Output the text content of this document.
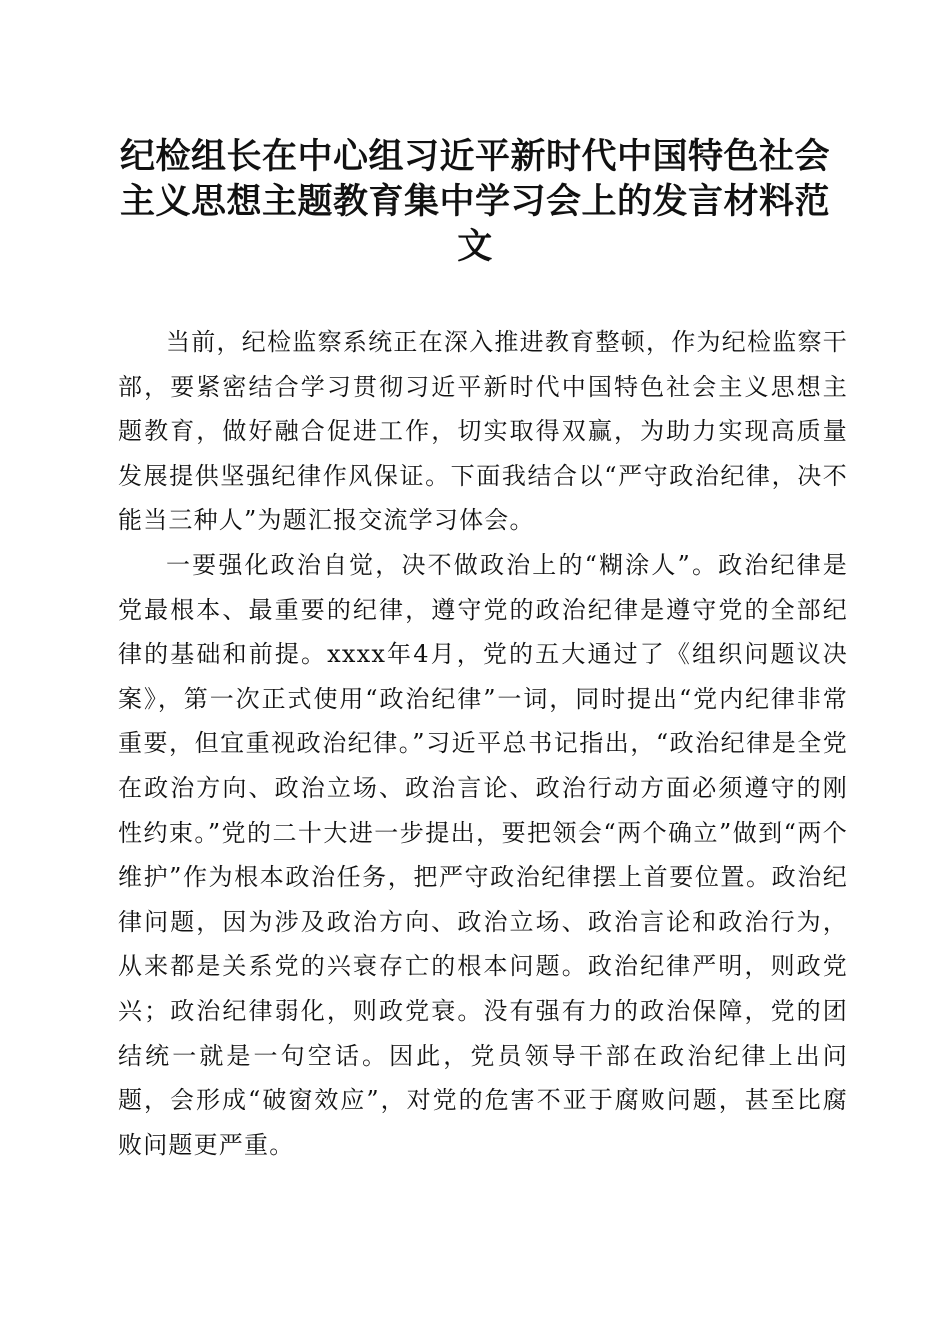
纪检组长在中心组习近平新时代中国特色社会
主义思想主题教育集中学习会上的发言材料范
文

当前，纪检监察系统正在深入推进教育整顿，作为纪检监察干部，要紧密结合学习贯彻习近平新时代中国特色社会主义思想主题教育，做好融合促进工作，切实取得双赢，为助力实现高质量发展提供坚强纪律作风保证。下面我结合以“严守政治纪律，决不能当三种人”为题汇报交流学习体会。

一要强化政治自觉，决不做政治上的“糊涂人”。政治纪律是党最根本、最重要的纪律，遵守党的政治纪律是遵守党的全部纪律的基础和前提。xxxx年4月，党的五大通过了《组织问题议决案》，第一次正式使用“政治纪律”一词，同时提出“党内纪律非常重要，但宜重视政治纪律。”习近平总书记指出，“政治纪律是全党在政治方向、政治立场、政治言论、政治行动方面必须遵守的刚性约束。”党的二十大进一步提出，要把领会“两个确立”做到“两个维护”作为根本政治任务，把严守政治纪律摆上首要位置。政治纪律问题，因为涉及政治方向、政治立场、政治言论和政治行为，从来都是关系党的兴衰存亡的根本问题。政治纪律严明，则政党兴；政治纪律弱化，则政党衰。没有强有力的政治保障，党的团结统一就是一句空话。因此，党员领导干部在政治纪律上出问题，会形成“破窗效应”，对党的危害不亚于腐败问题，甚至比腐败问题更严重。
